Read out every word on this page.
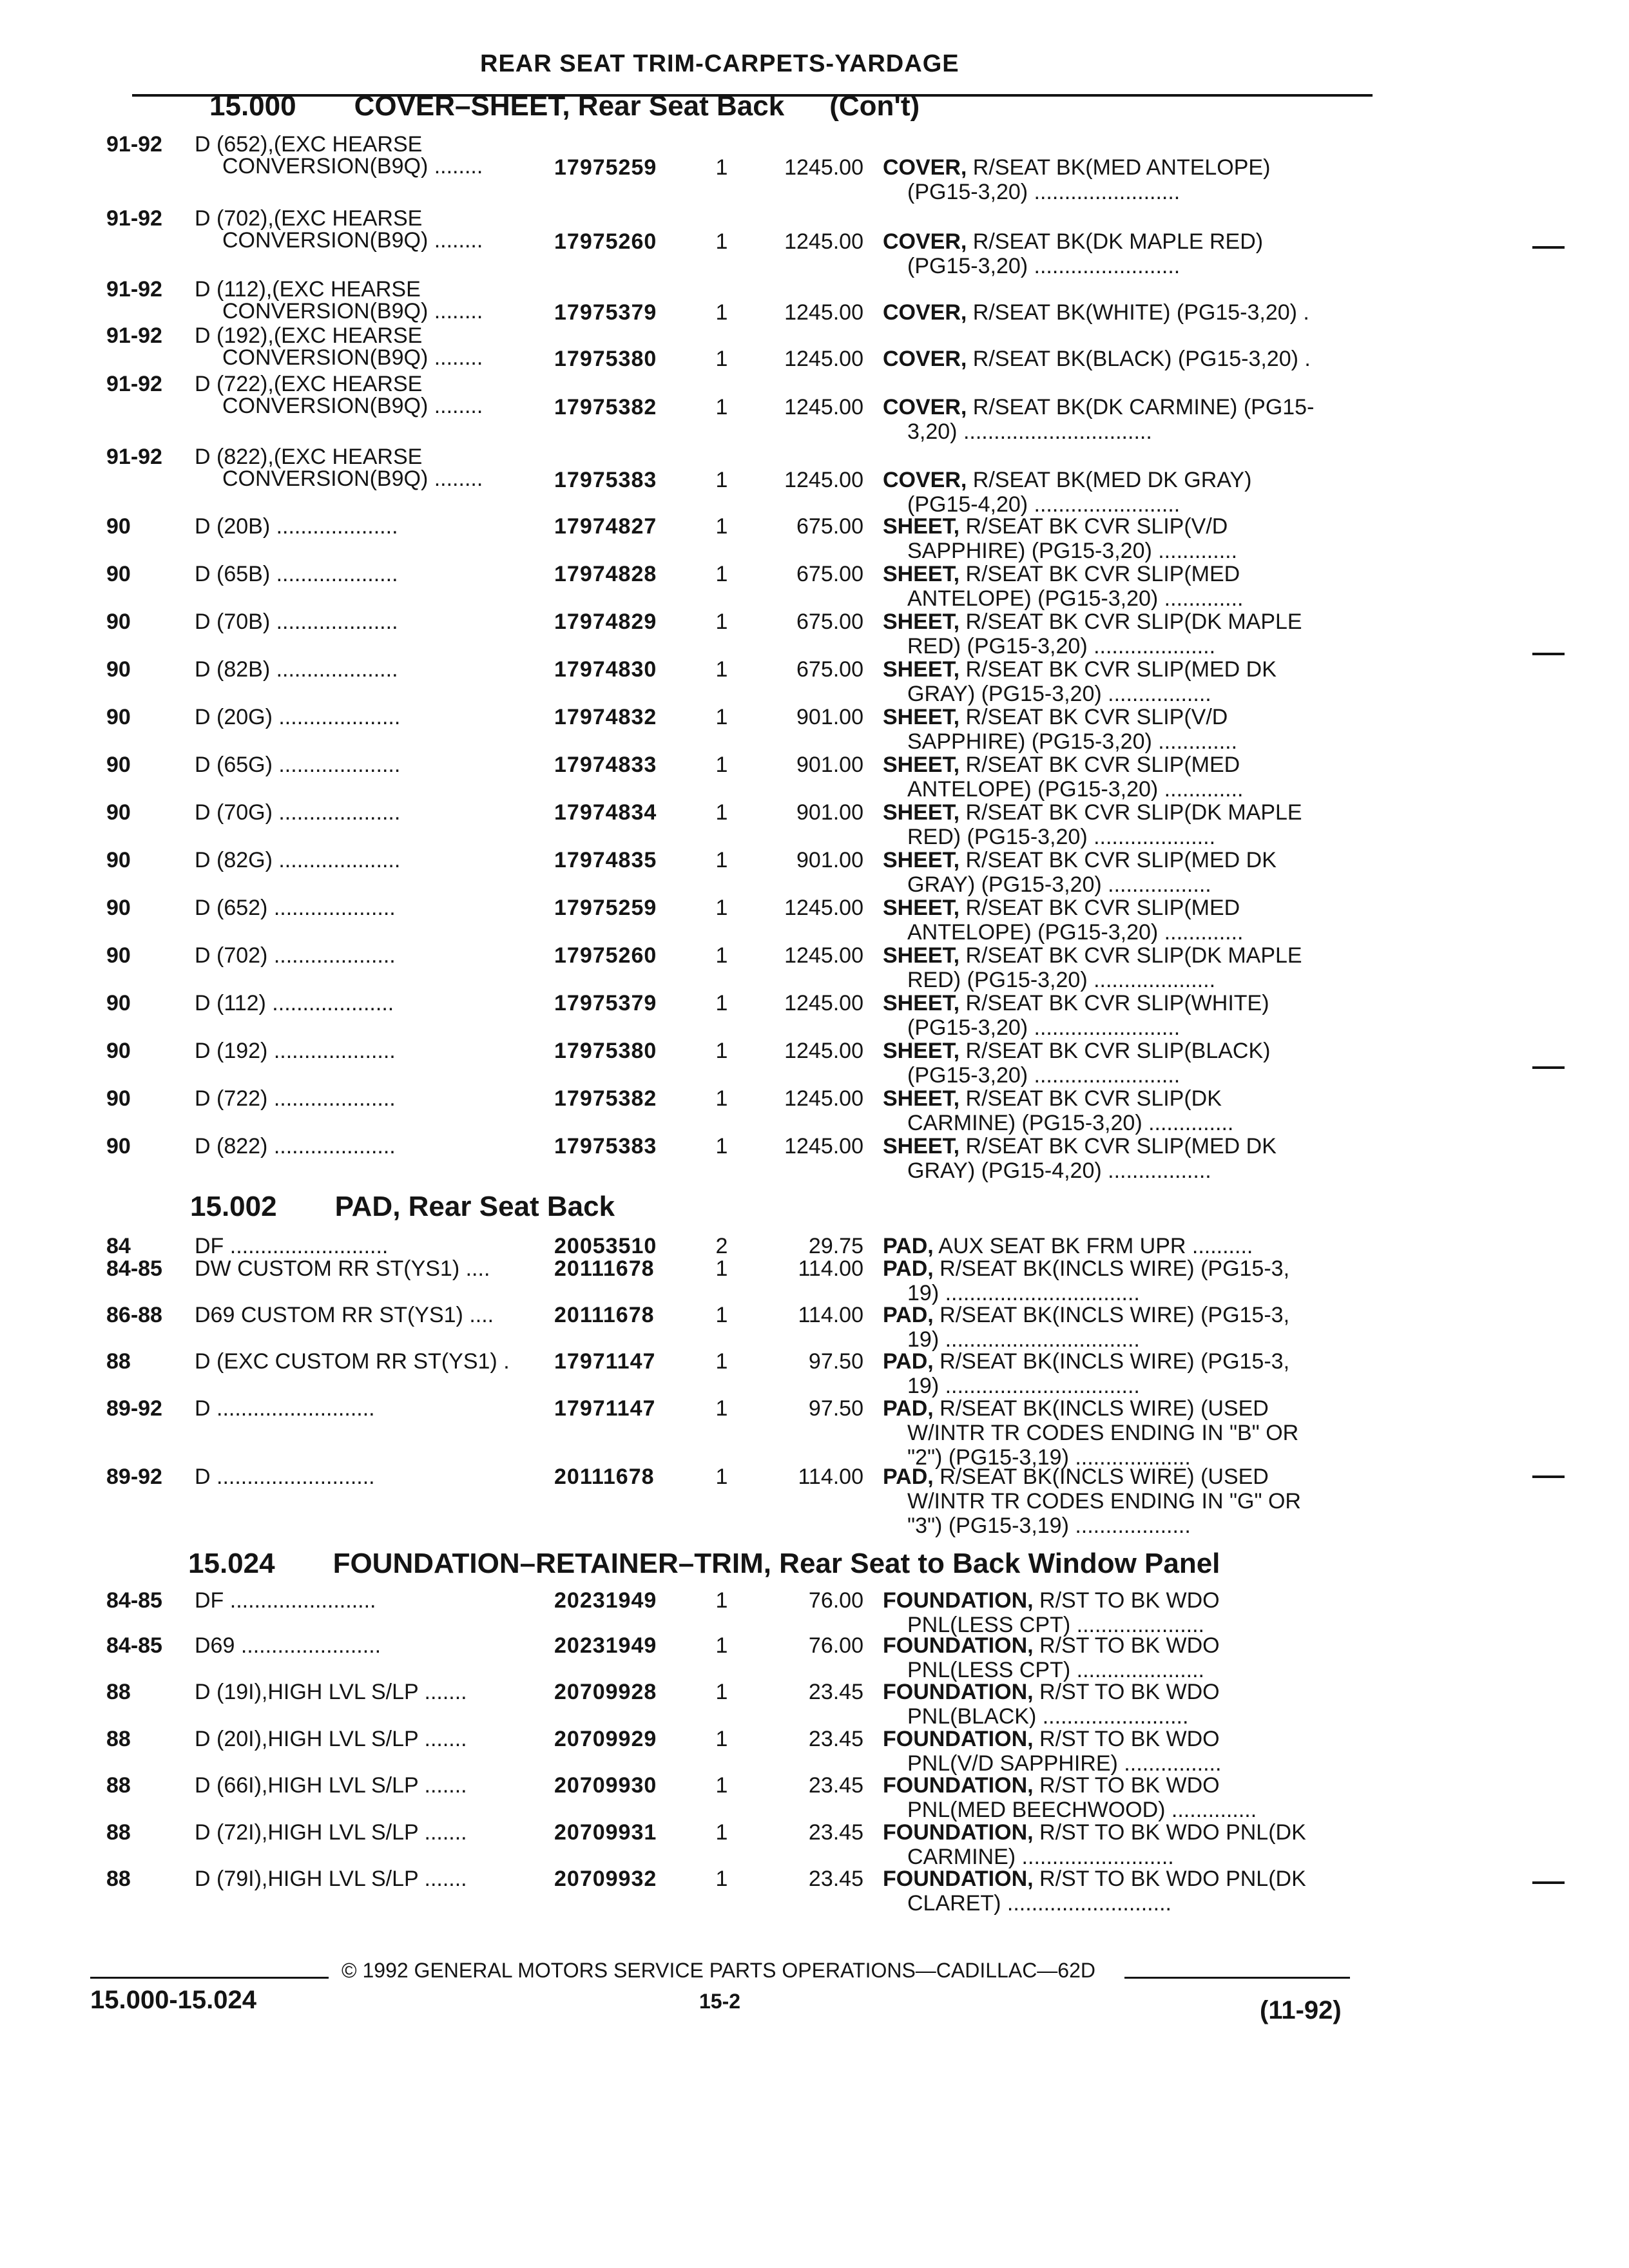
REAR SEAT TRIM-CARPETS-YARDAGE
15.000 COVER–SHEET, Rear Seat Back (Con't)
91-92	D (652),(EXC HEARSE
CONVERSION(B9Q) ........	17975259	1	1245.00 COVER, R/SEAT BK(MED ANTELOPE)
(PG15-3,20) ........................
91-92	D (702),(EXC HEARSE
CONVERSION(B9Q) ........	17975260	1	1245.00 COVER, R/SEAT BK(DK MAPLE RED)
(PG15-3,20) ........................
91-92	D (112),(EXC HEARSE
CONVERSION(B9Q) ........	17975379	1	1245.00 COVER, R/SEAT BK(WHITE) (PG15-3,20) .
91-92	D (192),(EXC HEARSE
CONVERSION(B9Q) ........	17975380	1	1245.00 COVER, R/SEAT BK(BLACK) (PG15-3,20) .
91-92	D (722),(EXC HEARSE
CONVERSION(B9Q) ........	17975382	1	1245.00 COVER, R/SEAT BK(DK CARMINE) (PG15-
3,20) ...............................
91-92	D (822),(EXC HEARSE
CONVERSION(B9Q) ........	17975383	1	1245.00 COVER, R/SEAT BK(MED DK GRAY)
(PG15-4,20) ........................
90	D (20B) ....................	17974827	1	675.00 SHEET, R/SEAT BK CVR SLIP(V/D
SAPPHIRE) (PG15-3,20) .............
90	D (65B) ....................	17974828	1	675.00 SHEET, R/SEAT BK CVR SLIP(MED
ANTELOPE) (PG15-3,20) .............
90	D (70B) ....................	17974829	1	675.00 SHEET, R/SEAT BK CVR SLIP(DK MAPLE
RED) (PG15-3,20) ....................
90	D (82B) ....................	17974830	1	675.00 SHEET, R/SEAT BK CVR SLIP(MED DK
GRAY) (PG15-3,20) .................
90	D (20G) ....................	17974832	1	901.00 SHEET, R/SEAT BK CVR SLIP(V/D
SAPPHIRE) (PG15-3,20) .............
90	D (65G) ....................	17974833	1	901.00 SHEET, R/SEAT BK CVR SLIP(MED
ANTELOPE) (PG15-3,20) .............
90	D (70G) ....................	17974834	1	901.00 SHEET, R/SEAT BK CVR SLIP(DK MAPLE
RED) (PG15-3,20) ....................
90	D (82G) ....................	17974835	1	901.00 SHEET, R/SEAT BK CVR SLIP(MED DK
GRAY) (PG15-3,20) .................
90	D (652) ....................	17975259	1	1245.00 SHEET, R/SEAT BK CVR SLIP(MED
ANTELOPE) (PG15-3,20) .............
90	D (702) ....................	17975260	1	1245.00 SHEET, R/SEAT BK CVR SLIP(DK MAPLE
RED) (PG15-3,20) ....................
90	D (112) ....................	17975379	1	1245.00 SHEET, R/SEAT BK CVR SLIP(WHITE)
(PG15-3,20) ........................
90	D (192) ....................	17975380	1	1245.00 SHEET, R/SEAT BK CVR SLIP(BLACK)
(PG15-3,20) ........................
90	D (722) ....................	17975382	1	1245.00 SHEET, R/SEAT BK CVR SLIP(DK
CARMINE) (PG15-3,20) ..............
90	D (822) ....................	17975383	1	1245.00 SHEET, R/SEAT BK CVR SLIP(MED DK
GRAY) (PG15-4,20) .................
15.002 PAD, Rear Seat Back
84	DF ..........................	20053510	2	29.75 PAD, AUX SEAT BK FRM UPR ..........
84-85	DW CUSTOM RR ST(YS1) ....	20111678	1	114.00 PAD, R/SEAT BK(INCLS WIRE) (PG15-3,
19) ................................
86-88	D69 CUSTOM RR ST(YS1) ....	20111678	1	114.00 PAD, R/SEAT BK(INCLS WIRE) (PG15-3,
19) ................................
88	D (EXC CUSTOM RR ST(YS1) .	17971147	1	97.50 PAD, R/SEAT BK(INCLS WIRE) (PG15-3,
19) ................................
89-92	D ..........................	17971147	1	97.50 PAD, R/SEAT BK(INCLS WIRE) (USED
W/INTR TR CODES ENDING IN "B" OR
"2") (PG15-3,19) ...................
89-92	D ..........................	20111678	1	114.00 PAD, R/SEAT BK(INCLS WIRE) (USED
W/INTR TR CODES ENDING IN "G" OR
"3") (PG15-3,19) ...................
15.024 FOUNDATION–RETAINER–TRIM, Rear Seat to Back Window Panel
84-85	DF ........................	20231949	1	76.00 FOUNDATION, R/ST TO BK WDO
PNL(LESS CPT) .....................
84-85	D69 .......................	20231949	1	76.00 FOUNDATION, R/ST TO BK WDO
PNL(LESS CPT) .....................
88	D (19I),HIGH LVL S/LP .......	20709928	1	23.45 FOUNDATION, R/ST TO BK WDO
PNL(BLACK) ........................
88	D (20I),HIGH LVL S/LP .......	20709929	1	23.45 FOUNDATION, R/ST TO BK WDO
PNL(V/D SAPPHIRE) ................
88	D (66I),HIGH LVL S/LP .......	20709930	1	23.45 FOUNDATION, R/ST TO BK WDO
PNL(MED BEECHWOOD) ..............
88	D (72I),HIGH LVL S/LP .......	20709931	1	23.45 FOUNDATION, R/ST TO BK WDO PNL(DK
CARMINE) .........................
88	D (79I),HIGH LVL S/LP .......	20709932	1	23.45 FOUNDATION, R/ST TO BK WDO PNL(DK
CLARET) ...........................
© 1992 GENERAL MOTORS SERVICE PARTS OPERATIONS—CADILLAC—62D
15.000-15.024	15-2	(11-92)
